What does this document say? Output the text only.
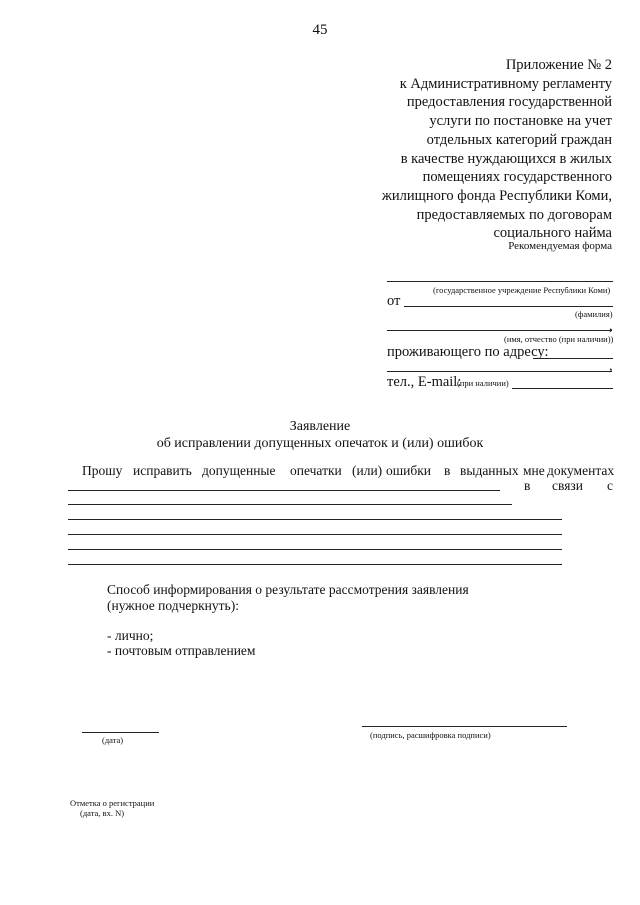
45
Приложение № 2
к Административному регламенту
предоставления государственной
услуги по постановке на учет
отдельных категорий граждан
в качестве нуждающихся в жилых
помещениях государственного
жилищного фонда Республики Коми,
предоставляемых по договорам
социального найма
Рекомендуемая форма
(государственное учреждение Республики Коми)
от
(фамилия)
,
(имя, отчество (при наличии))
проживающего по адресу:
,
тел., E-mail:
(при наличии)
Заявление
об исправлении допущенных опечаток и (или) ошибок
Прошу исправить допущенные опечатки (или) ошибки в выданных мне документах
в связи с
Способ информирования о результате рассмотрения заявления
(нужное подчеркнуть):
- лично;
- почтовым отправлением
(дата)	(подпись, расшифровка подписи)
Отметка о регистрации
(дата, вх. N)
